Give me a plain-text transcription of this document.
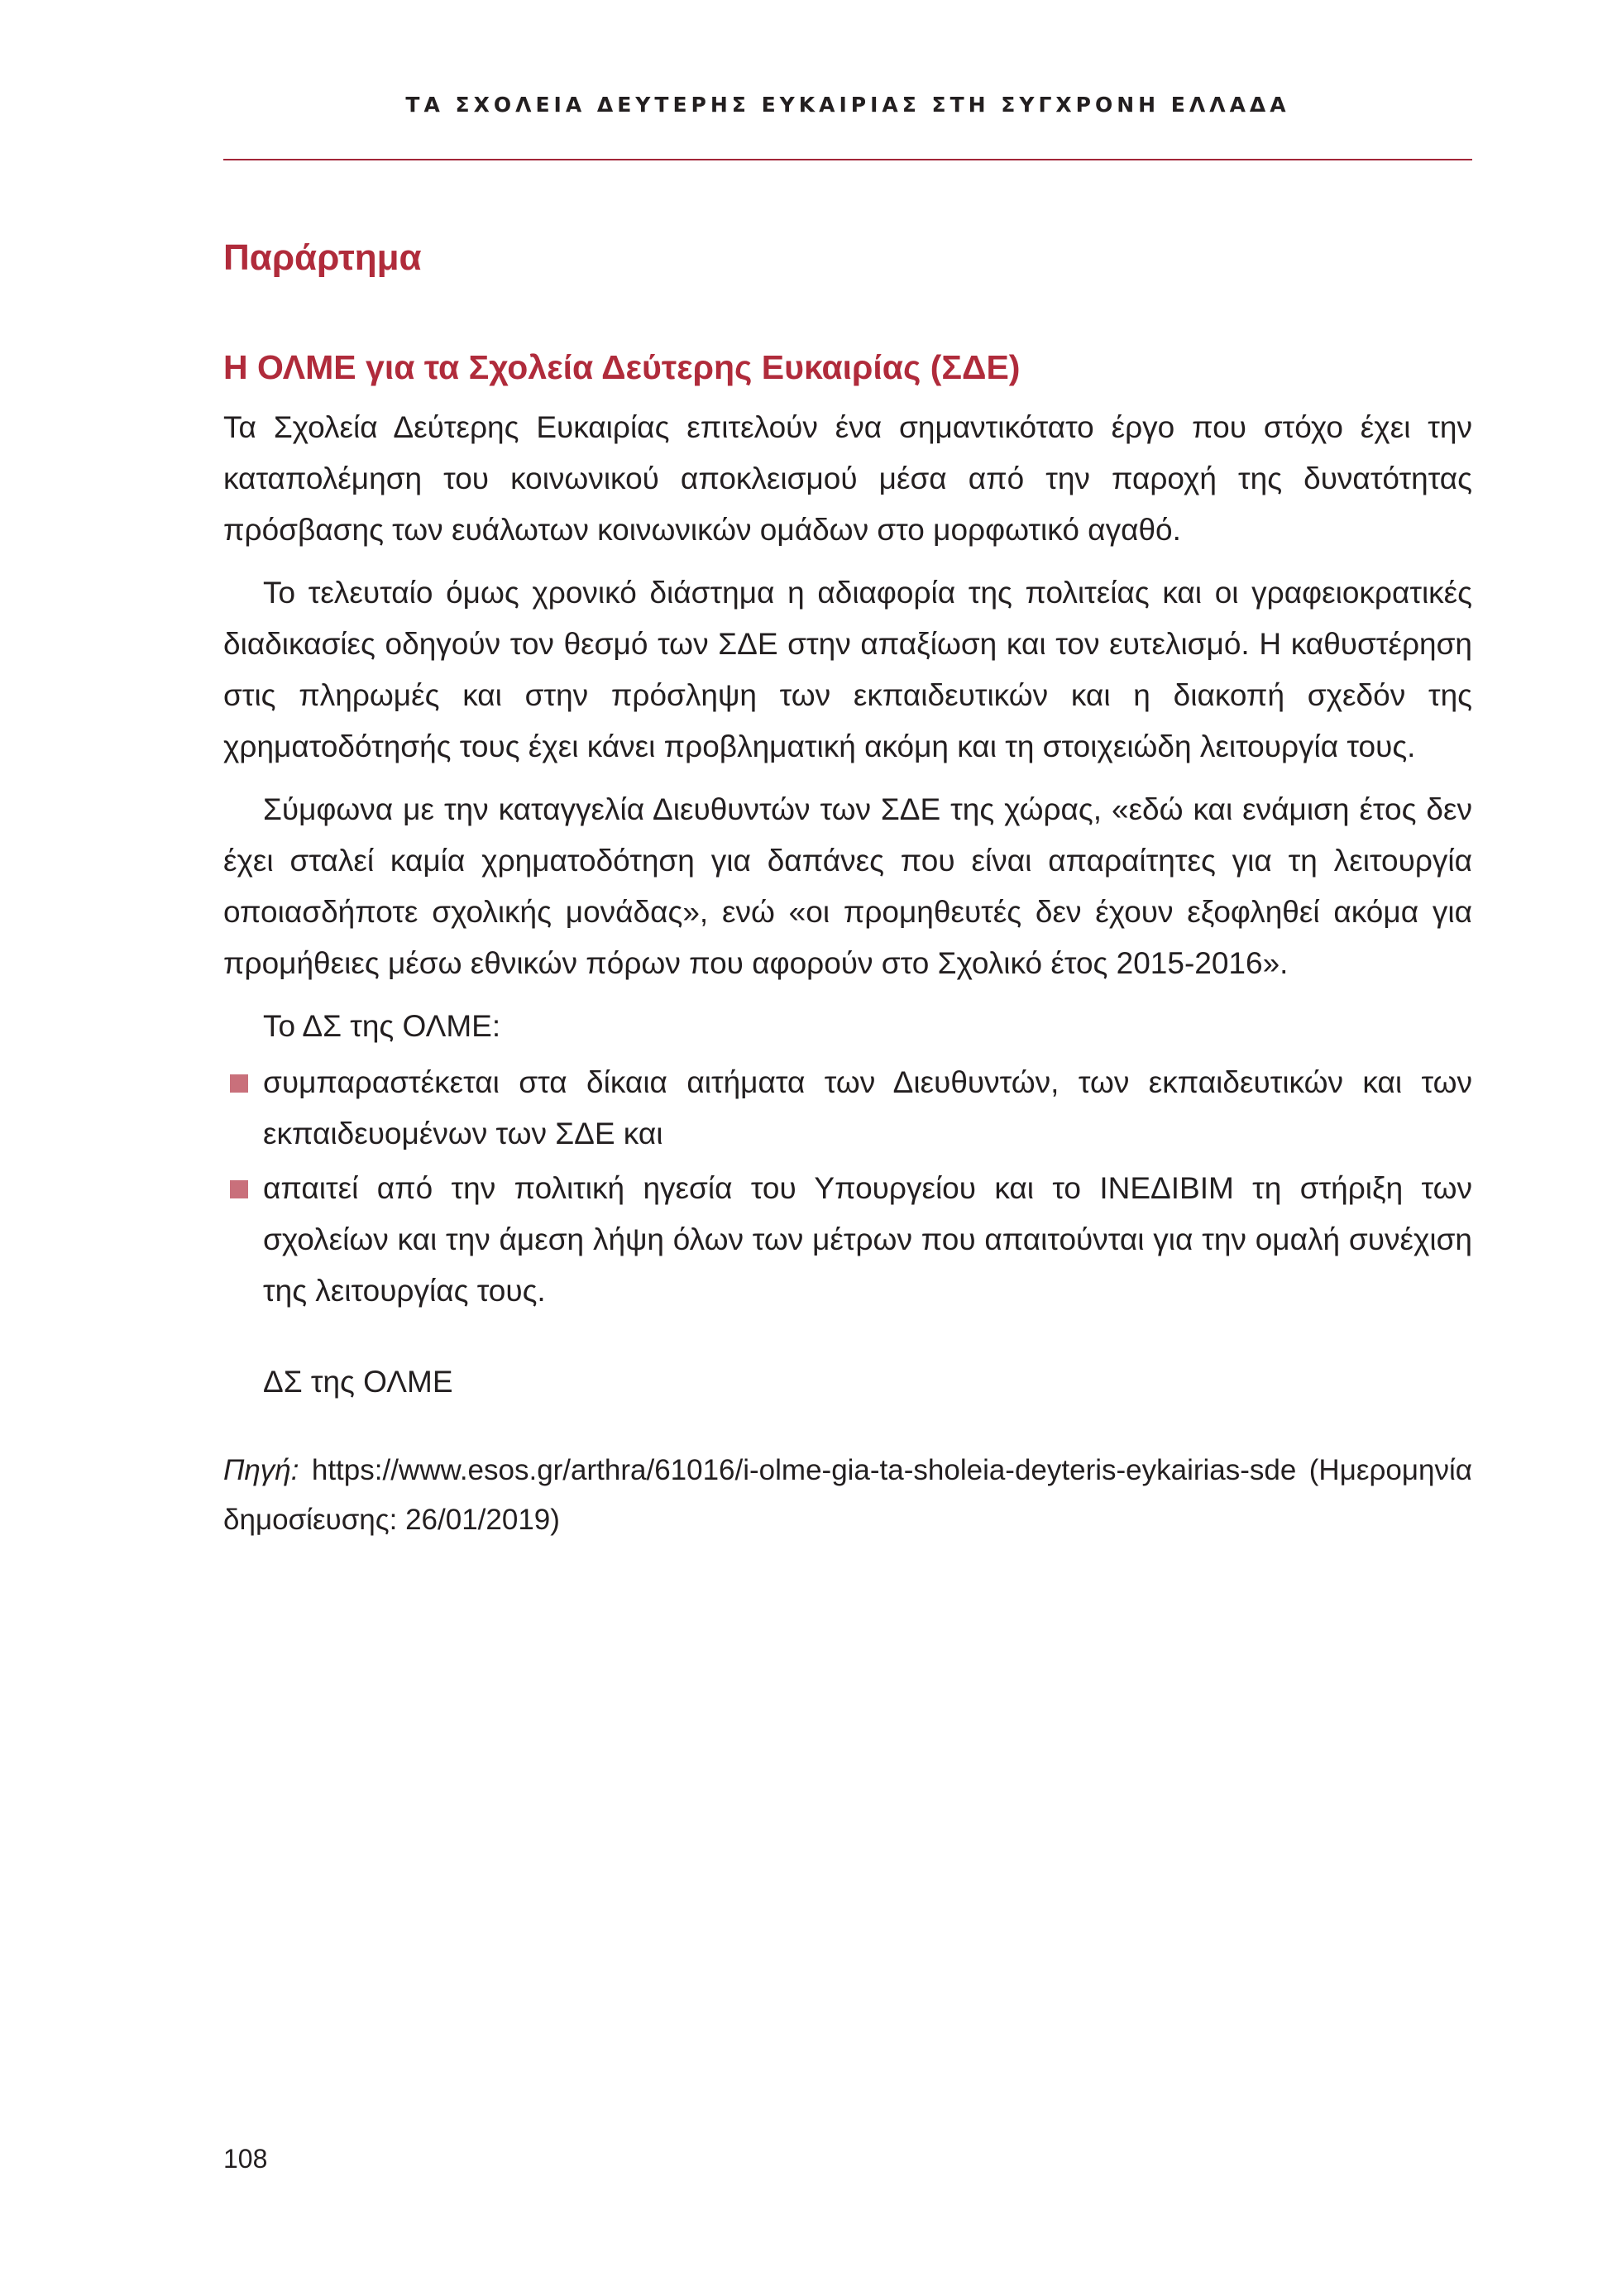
ΤΑ ΣΧΟΛΕΙΑ ΔΕΥΤΕΡΗΣ ΕΥΚΑΙΡΙΑΣ ΣΤΗ ΣΥΓΧΡΟΝΗ ΕΛΛΑΔΑ
Παράρτημα
Η ΟΛΜΕ για τα Σχολεία Δεύτερης Ευκαιρίας (ΣΔΕ)

Τα Σχολεία Δεύτερης Ευκαιρίας επιτελούν ένα σημαντικότατο έργο που στόχο έχει την καταπολέμηση του κοινωνικού αποκλεισμού μέσα από την παροχή της δυνατότητας πρόσβασης των ευάλωτων κοινωνικών ομάδων στο μορφωτικό αγαθό.

Το τελευταίο όμως χρονικό διάστημα η αδιαφορία της πολιτείας και οι γραφειοκρατικές διαδικασίες οδηγούν τον θεσμό των ΣΔΕ στην απαξίωση και τον ευτελισμό. Η καθυστέρηση στις πληρωμές και στην πρόσληψη των εκπαιδευτικών και η διακοπή σχεδόν της χρηματοδότησής τους έχει κάνει προβληματική ακόμη και τη στοιχειώδη λειτουργία τους.

Σύμφωνα με την καταγγελία Διευθυντών των ΣΔΕ της χώρας, «εδώ και ενάμιση έτος δεν έχει σταλεί καμία χρηματοδότηση για δαπάνες που είναι απαραίτητες για τη λειτουργία οποιασδήποτε σχολικής μονάδας», ενώ «οι προμηθευτές δεν έχουν εξοφληθεί ακόμα για προμήθειες μέσω εθνικών πόρων που αφορούν στο Σχολικό έτος 2015-2016».

Το ΔΣ της ΟΛΜΕ:

συμπαραστέκεται στα δίκαια αιτήματα των Διευθυντών, των εκπαιδευτικών και των εκπαιδευομένων των ΣΔΕ και
απαιτεί από την πολιτική ηγεσία του Υπουργείου και το ΙΝΕΔΙΒΙΜ τη στήριξη των σχολείων και την άμεση λήψη όλων των μέτρων που απαιτούνται για την ομαλή συνέχιση της λειτουργίας τους.

ΔΣ της ΟΛΜΕ

Πηγή: https://www.esos.gr/arthra/61016/i-olme-gia-ta-sholeia-deyteris-eykairias-sde (Ημερομηνία δημοσίευσης: 26/01/2019)

108
